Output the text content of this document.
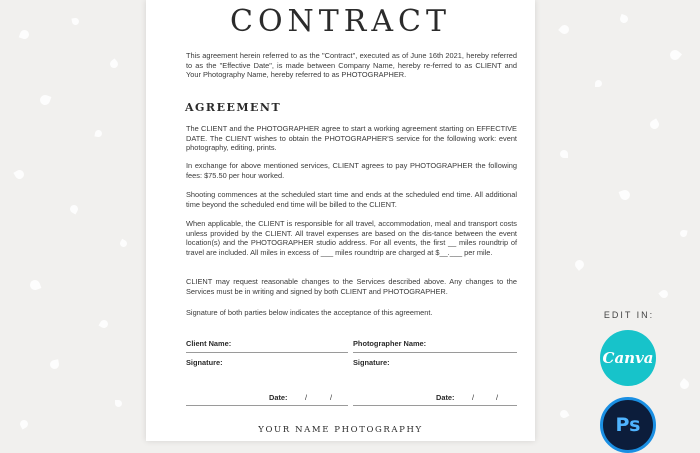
CONTRACT
This agreement herein referred to as the "Contract", executed as of June 16th 2021, hereby referred to as the "Effective Date", is made between Company Name, hereby re-ferred to as CLIENT and Your Photography Name, hereby referred to as PHOTOGRAPHER.
AGREEMENT
The CLIENT and the PHOTOGRAPHER agree to start a working agreement starting on EFFECTIVE DATE. The CLIENT wishes to obtain the PHOTOGRAPHER'S service for the following work: event photography, editing, prints.
In exchange for above mentioned services, CLIENT agrees to pay PHOTOGRAPHER the following fees: $75.50 per hour worked.
Shooting commences at the scheduled start time and ends at the scheduled end time. All additional time beyond the scheduled end time will be billed to the CLIENT.
When applicable, the CLIENT is responsible for all travel, accommodation, meal and transport costs unless provided by the CLIENT. All travel expenses are based on the dis-tance between the event location(s) and the PHOTOGRAPHER studio address. For all events, the first __ miles roundtrip of travel are included. All miles in excess of ___ miles roundtrip are charged at $__.___ per mile.
CLIENT may request reasonable changes to the Services described above. Any changes to the Services must be in writing and signed by both CLIENT and PHOTOGRAPHER.
Signature of both parties below indicates the acceptance of this agreement.
Client Name:	Photographer Name:
Signature:	Signature:
Date: /	/	Date: /	/
YOUR NAME PHOTOGRAPHY
EDIT IN:
Canva
Ps
